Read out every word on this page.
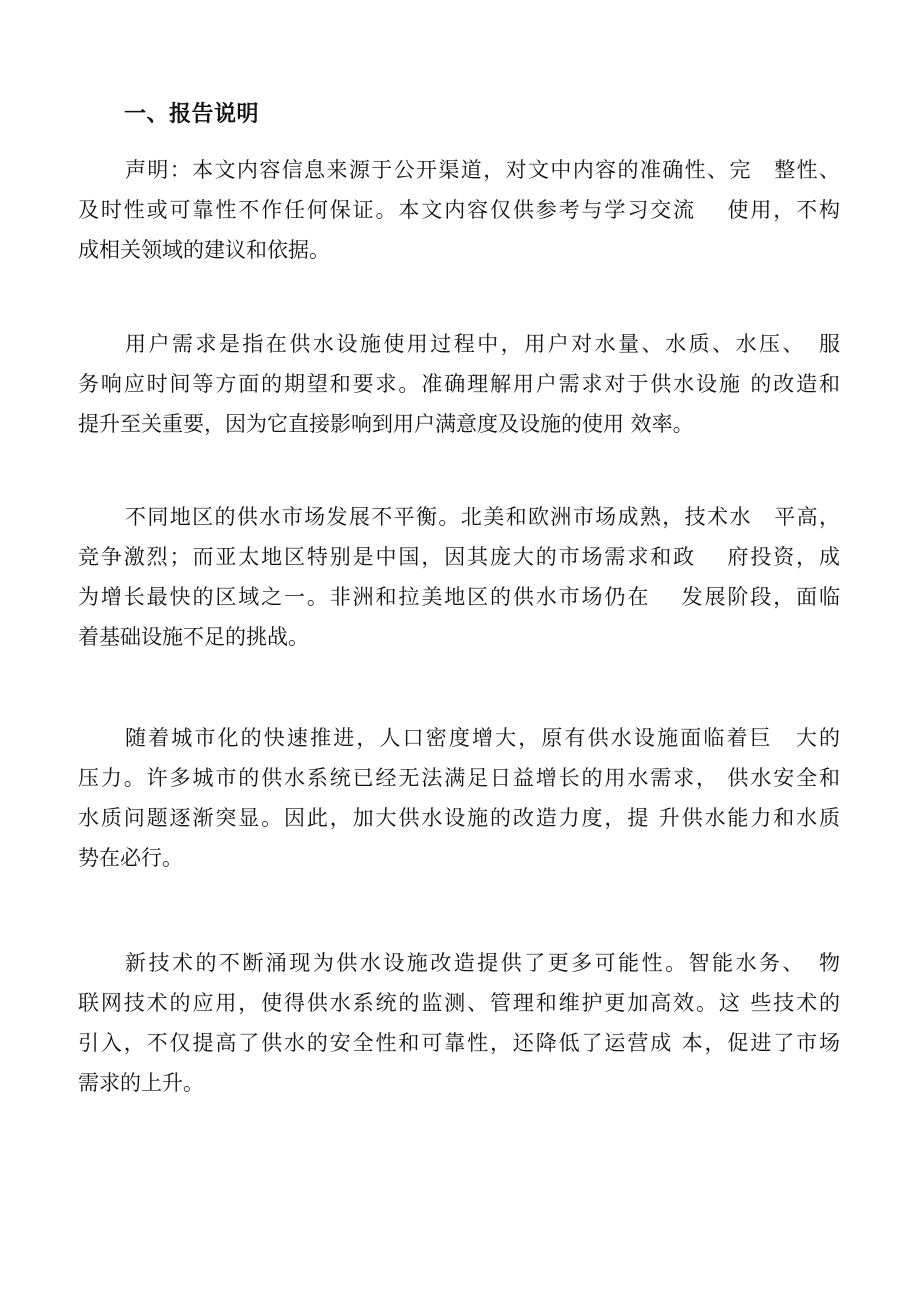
一、报告说明
声明：本文内容信息来源于公开渠道，对文中内容的准确性、完　整性、
及时性或可靠性不作任何保证。本文内容仅供参考与学习交流　 使用，不构
成相关领域的建议和依据。
用户需求是指在供水设施使用过程中，用户对水量、水质、水压、　服
务响应时间等方面的期望和要求。准确理解用户需求对于供水设施 的改造和
提升至关重要，因为它直接影响到用户满意度及设施的使用 效率。
不同地区的供水市场发展不平衡。北美和欧洲市场成熟，技术水　平高，
竞争激烈；而亚太地区特别是中国，因其庞大的市场需求和政　 府投资，成
为增长最快的区域之一。非洲和拉美地区的供水市场仍在　 发展阶段，面临
着基础设施不足的挑战。
随着城市化的快速推进，人口密度增大，原有供水设施面临着巨　大的
压力。许多城市的供水系统已经无法满足日益增长的用水需求， 供水安全和
水质问题逐渐突显。因此，加大供水设施的改造力度，提 升供水能力和水质
势在必行。
新技术的不断涌现为供水设施改造提供了更多可能性。智能水务、　物
联网技术的应用，使得供水系统的监测、管理和维护更加高效。这 些技术的
引入，不仅提高了供水的安全性和可靠性，还降低了运营成 本，促进了市场
需求的上升。
